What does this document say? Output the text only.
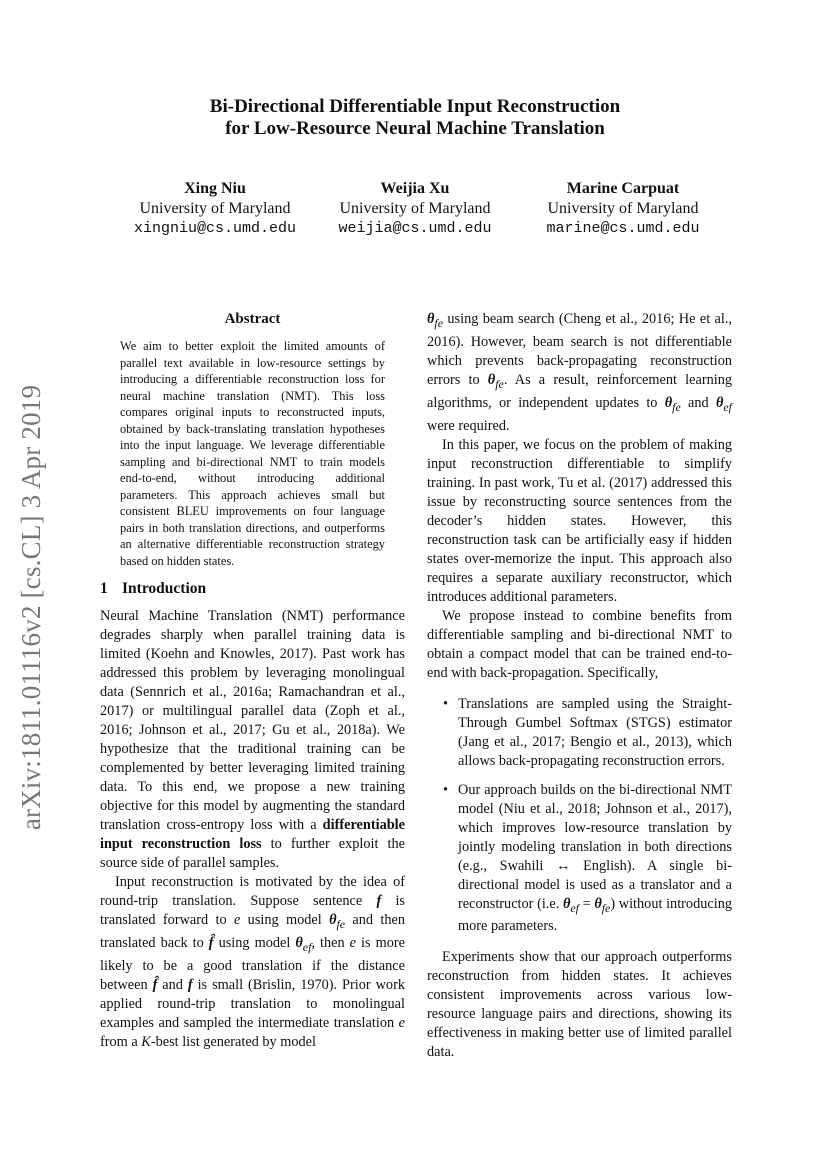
arXiv:1811.01116v2 [cs.CL] 3 Apr 2019
Bi-Directional Differentiable Input Reconstruction
for Low-Resource Neural Machine Translation
Xing Niu
University of Maryland
xingniu@cs.umd.edu
Weijia Xu
University of Maryland
weijia@cs.umd.edu
Marine Carpuat
University of Maryland
marine@cs.umd.edu
Abstract
We aim to better exploit the limited amounts of parallel text available in low-resource settings by introducing a differentiable reconstruction loss for neural machine translation (NMT). This loss compares original inputs to reconstructed inputs, obtained by back-translating translation hypotheses into the input language. We leverage differentiable sampling and bi-directional NMT to train models end-to-end, without introducing additional parameters. This approach achieves small but consistent BLEU improvements on four language pairs in both translation directions, and outperforms an alternative differentiable reconstruction strategy based on hidden states.
1 Introduction

Neural Machine Translation (NMT) performance degrades sharply when parallel training data is limited (Koehn and Knowles, 2017). Past work has addressed this problem by leveraging monolingual data (Sennrich et al., 2016a; Ramachandran et al., 2017) or multilingual parallel data (Zoph et al., 2016; Johnson et al., 2017; Gu et al., 2018a). We hypothesize that the traditional training can be complemented by better leveraging limited training data. To this end, we propose a new training objective for this model by augmenting the standard translation cross-entropy loss with a differentiable input reconstruction loss to further exploit the source side of parallel samples.

Input reconstruction is motivated by the idea of round-trip translation. Suppose sentence f is translated forward to e using model $\theta_{fe}$ and then translated back to f̂ using model $\theta_{ef}$, then e is more likely to be a good translation if the distance between f̂ and f is small (Brislin, 1970). Prior work applied round-trip translation to monolingual examples and sampled the intermediate translation e from a K-best list generated by model

$\theta_{fe}$ using beam search (Cheng et al., 2016; He et al., 2016). However, beam search is not differentiable which prevents back-propagating reconstruction errors to $\theta_{fe}$. As a result, reinforcement learning algorithms, or independent updates to $\theta_{fe}$ and $\theta_{ef}$ were required.

In this paper, we focus on the problem of making input reconstruction differentiable to simplify training. In past work, Tu et al. (2017) addressed this issue by reconstructing source sentences from the decoder’s hidden states. However, this reconstruction task can be artificially easy if hidden states over-memorize the input. This approach also requires a separate auxiliary reconstructor, which introduces additional parameters.

We propose instead to combine benefits from differentiable sampling and bi-directional NMT to obtain a compact model that can be trained end-to-end with back-propagation. Specifically,

• Translations are sampled using the Straight-Through Gumbel Softmax (STGS) estimator (Jang et al., 2017; Bengio et al., 2013), which allows back-propagating reconstruction errors.
• Our approach builds on the bi-directional NMT model (Niu et al., 2018; Johnson et al., 2017), which improves low-resource translation by jointly modeling translation in both directions (e.g., Swahili ↔ English). A single bi-directional model is used as a translator and a reconstructor (i.e. $\theta_{ef} = \theta_{fe}$) without introducing more parameters.

Experiments show that our approach outperforms reconstruction from hidden states. It achieves consistent improvements across various low-resource language pairs and directions, showing its effectiveness in making better use of limited parallel data.
